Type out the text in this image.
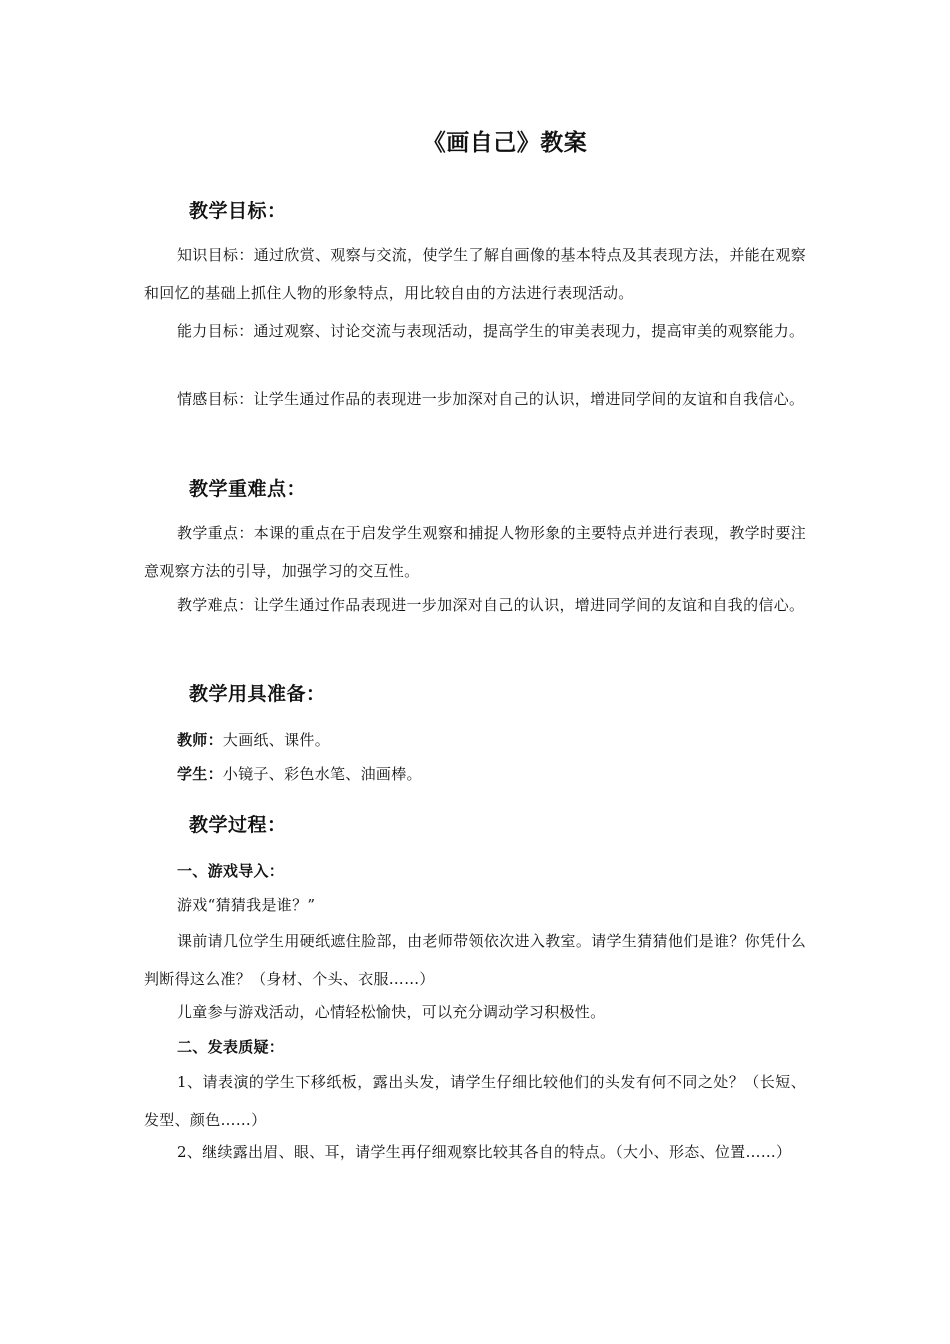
《画自己》教案
教学目标：
知识目标：通过欣赏、观察与交流，使学生了解自画像的基本特点及其表现方法，并能在观察和回忆的基础上抓住人物的形象特点，用比较自由的方法进行表现活动。
能力目标：通过观察、讨论交流与表现活动，提高学生的审美表现力，提高审美的观察能力。
情感目标：让学生通过作品的表现进一步加深对自己的认识，增进同学间的友谊和自我信心。
教学重难点：
教学重点：本课的重点在于启发学生观察和捕捉人物形象的主要特点并进行表现，教学时要注意观察方法的引导，加强学习的交互性。
教学难点：让学生通过作品表现进一步加深对自己的认识，增进同学间的友谊和自我的信心。
教学用具准备：
教师：大画纸、课件。
学生：小镜子、彩色水笔、油画棒。
教学过程：
一、游戏导入：
游戏“猜猜我是谁？”
课前请几位学生用硬纸遮住脸部，由老师带领依次进入教室。请学生猜猜他们是谁？你凭什么判断得这么准？（身材、个头、衣服……）
儿童参与游戏活动，心情轻松愉快，可以充分调动学习积极性。
二、发表质疑：
1、请表演的学生下移纸板，露出头发，请学生仔细比较他们的头发有何不同之处？（长短、发型、颜色……）
2、继续露出眉、眼、耳，请学生再仔细观察比较其各自的特点。（大小、形态、位置……）
